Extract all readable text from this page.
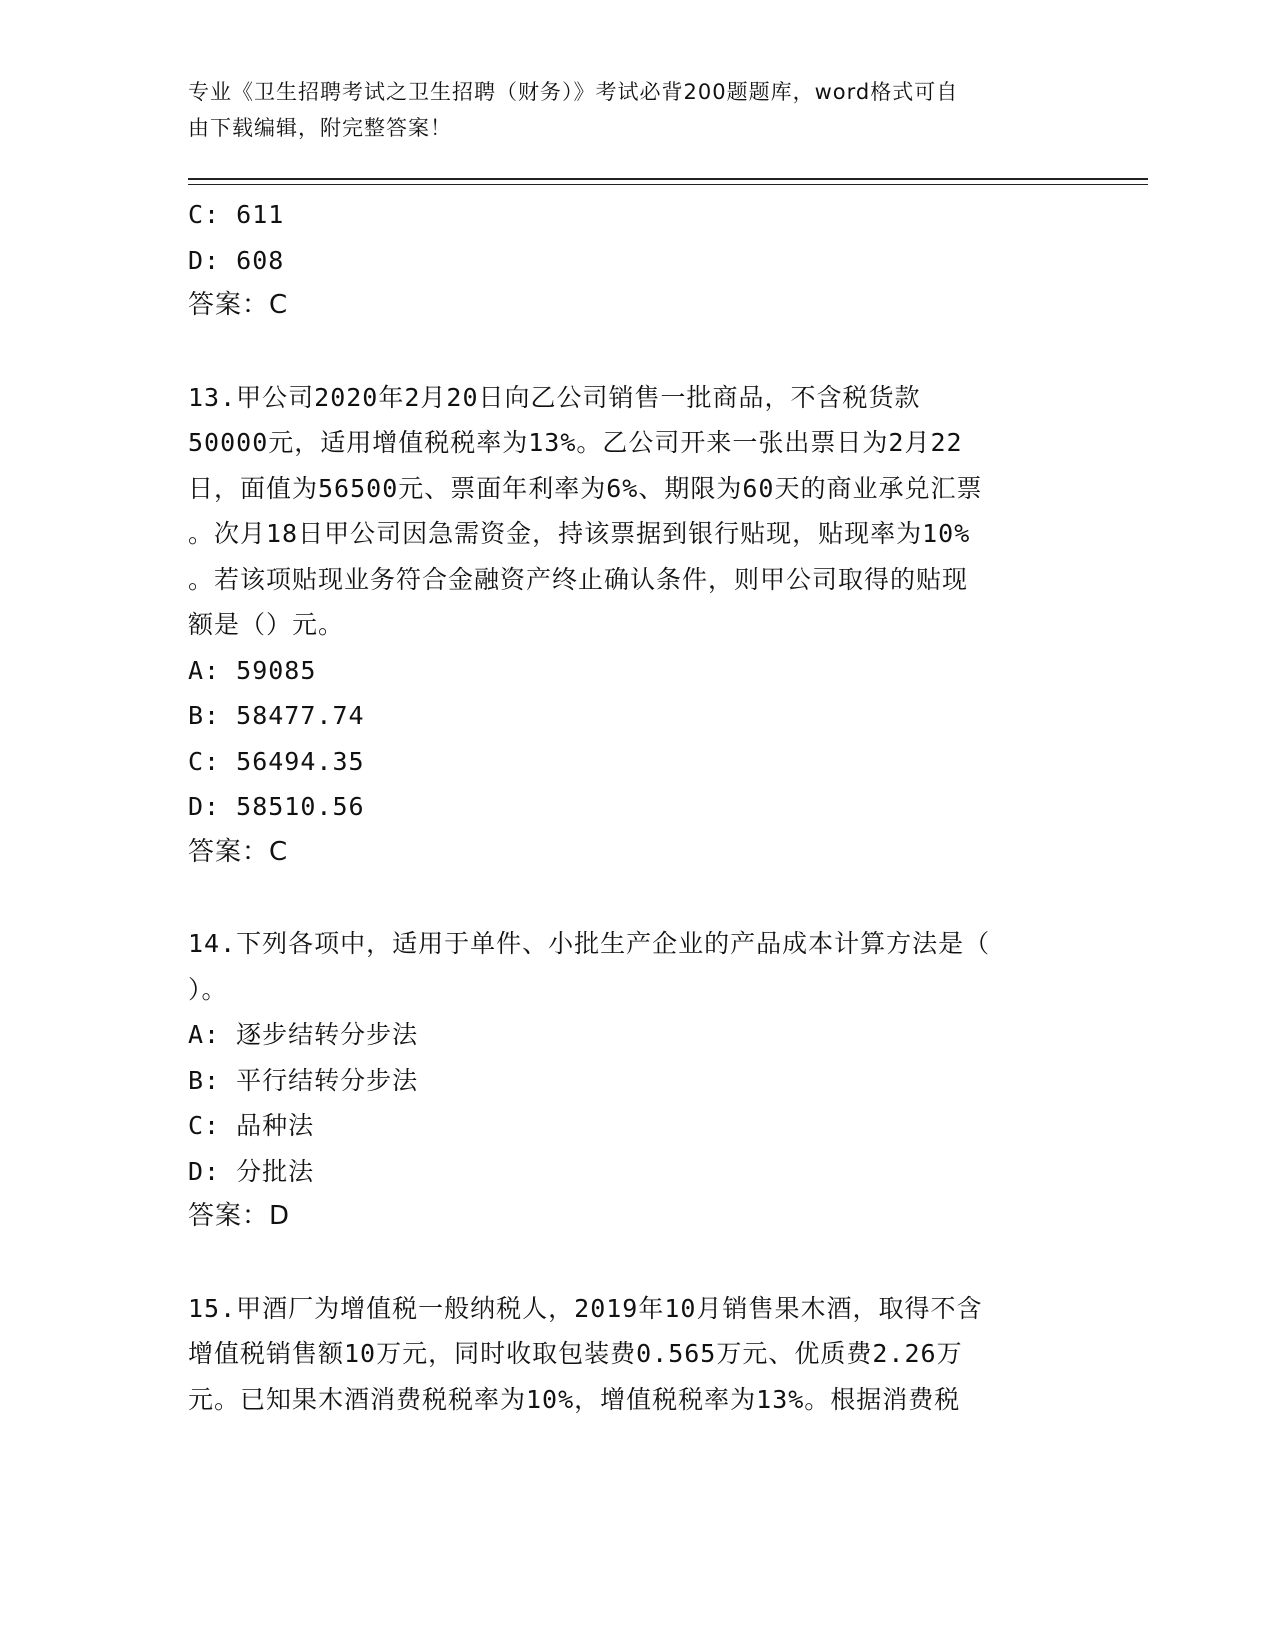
专业《卫生招聘考试之卫生招聘（财务）》考试必背200题题库，word格式可自
由下载编辑，附完整答案！
C: 611
D: 608
答案：C
13.甲公司2020年2月20日向乙公司销售一批商品，不含税货款
50000元，适用增值税税率为13%。乙公司开来一张出票日为2月22
日，面值为56500元、票面年利率为6%、期限为60天的商业承兑汇票
。次月18日甲公司因急需资金，持该票据到银行贴现，贴现率为10%
。若该项贴现业务符合金融资产终止确认条件，则甲公司取得的贴现
额是（）元。
A: 59085
B: 58477.74
C: 56494.35
D: 58510.56
答案：C
14.下列各项中，适用于单件、小批生产企业的产品成本计算方法是（
）。
A: 逐步结转分步法
B: 平行结转分步法
C: 品种法
D: 分批法
答案：D
15.甲酒厂为增值税一般纳税人，2019年10月销售果木酒，取得不含
增值税销售额10万元，同时收取包装费0.565万元、优质费2.26万
元。已知果木酒消费税税率为10%，增值税税率为13%。根据消费税
